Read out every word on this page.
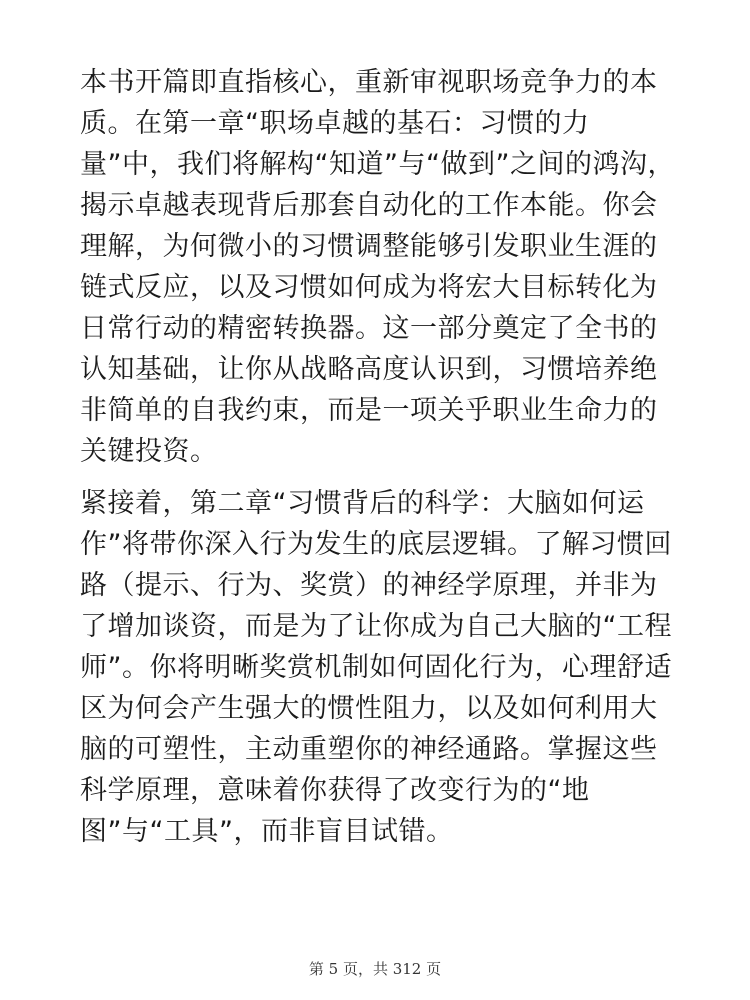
本书开篇即直指核心，重新审视职场竞争力的本质。在第一章“职场卓越的基石：习惯的力量”中，我们将解构“知道”与“做到”之间的鸿沟，揭示卓越表现背后那套自动化的工作本能。你会理解，为何微小的习惯调整能够引发职业生涯的链式反应，以及习惯如何成为将宏大目标转化为日常行动的精密转换器。这一部分奠定了全书的认知基础，让你从战略高度认识到，习惯培养绝非简单的自我约束，而是一项关乎职业生命力的关键投资。

紧接着，第二章“习惯背后的科学：大脑如何运作”将带你深入行为发生的底层逻辑。了解习惯回路（提示、行为、奖赏）的神经学原理，并非为了增加谈资，而是为了让你成为自己大脑的“工程师”。你将明晰奖赏机制如何固化行为，心理舒适区为何会产生强大的惯性阻力，以及如何利用大脑的可塑性，主动重塑你的神经通路。掌握这些科学原理，意味着你获得了改变行为的“地图”与“工具”，而非盲目试错。

第 5 页，共 312 页
